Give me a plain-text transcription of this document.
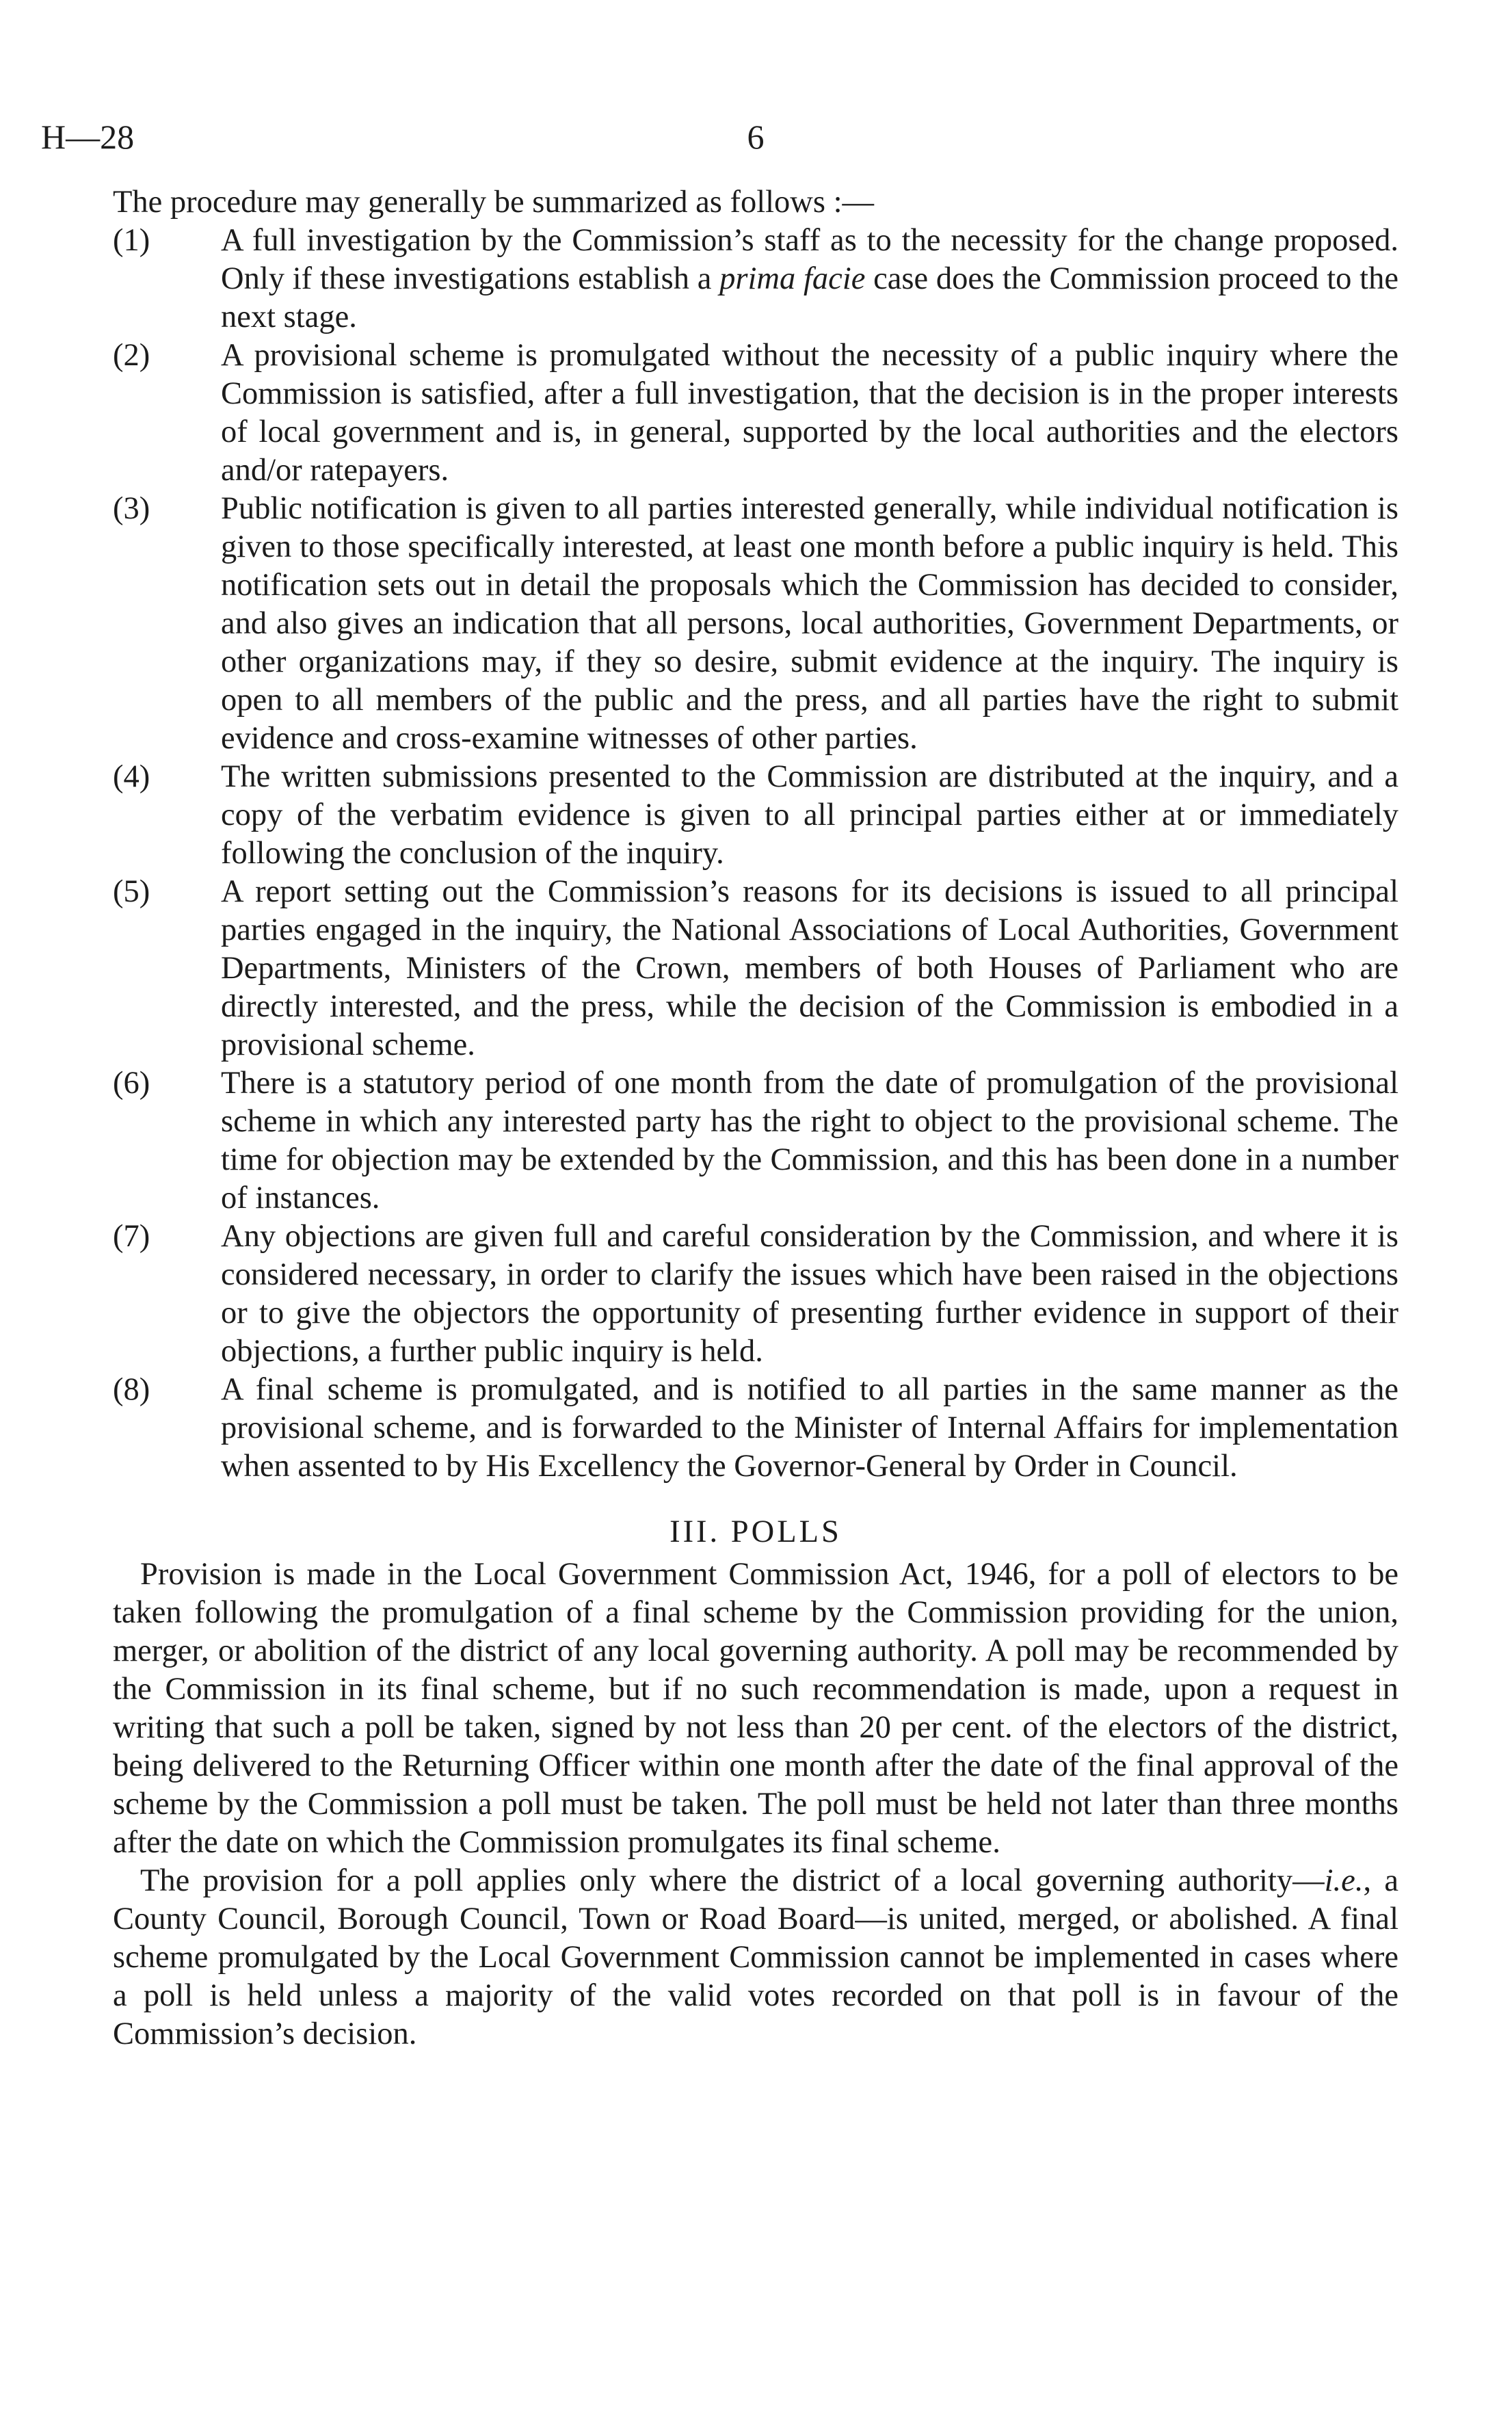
H—28	6

The procedure may generally be summarized as follows :—

(1) A full investigation by the Commission’s staff as to the necessity for the change proposed. Only if these investigations establish a prima facie case does the Commission proceed to the next stage.
(2) A provisional scheme is promulgated without the necessity of a public inquiry where the Commission is satisfied, after a full investigation, that the decision is in the proper interests of local government and is, in general, supported by the local authorities and the electors and/or ratepayers.
(3) Public notification is given to all parties interested generally, while individual notification is given to those specifically interested, at least one month before a public inquiry is held. This notification sets out in detail the proposals which the Commission has decided to consider, and also gives an indication that all persons, local authorities, Government Departments, or other organizations may, if they so desire, submit evidence at the inquiry. The inquiry is open to all members of the public and the press, and all parties have the right to submit evidence and cross-examine witnesses of other parties.
(4) The written submissions presented to the Commission are distributed at the inquiry, and a copy of the verbatim evidence is given to all principal parties either at or immediately following the conclusion of the inquiry.
(5) A report setting out the Commission’s reasons for its decisions is issued to all principal parties engaged in the inquiry, the National Associations of Local Authorities, Government Departments, Ministers of the Crown, members of both Houses of Parliament who are directly interested, and the press, while the decision of the Commission is embodied in a provisional scheme.
(6) There is a statutory period of one month from the date of promulgation of the provisional scheme in which any interested party has the right to object to the provisional scheme. The time for objection may be extended by the Commission, and this has been done in a number of instances.
(7) Any objections are given full and careful consideration by the Commission, and where it is considered necessary, in order to clarify the issues which have been raised in the objections or to give the objectors the opportunity of presenting further evidence in support of their objections, a further public inquiry is held.
(8) A final scheme is promulgated, and is notified to all parties in the same manner as the provisional scheme, and is forwarded to the Minister of Internal Affairs for implementation when assented to by His Excellency the Governor-General by Order in Council.
III. POLLS

Provision is made in the Local Government Commission Act, 1946, for a poll of electors to be taken following the promulgation of a final scheme by the Commission providing for the union, merger, or abolition of the district of any local governing authority. A poll may be recommended by the Commission in its final scheme, but if no such recommendation is made, upon a request in writing that such a poll be taken, signed by not less than 20 per cent. of the electors of the district, being delivered to the Returning Officer within one month after the date of the final approval of the scheme by the Commission a poll must be taken. The poll must be held not later than three months after the date on which the Commission promulgates its final scheme.

The provision for a poll applies only where the district of a local governing authority—i.e., a County Council, Borough Council, Town or Road Board—is united, merged, or abolished. A final scheme promulgated by the Local Government Commission cannot be implemented in cases where a poll is held unless a majority of the valid votes recorded on that poll is in favour of the Commission’s decision.
